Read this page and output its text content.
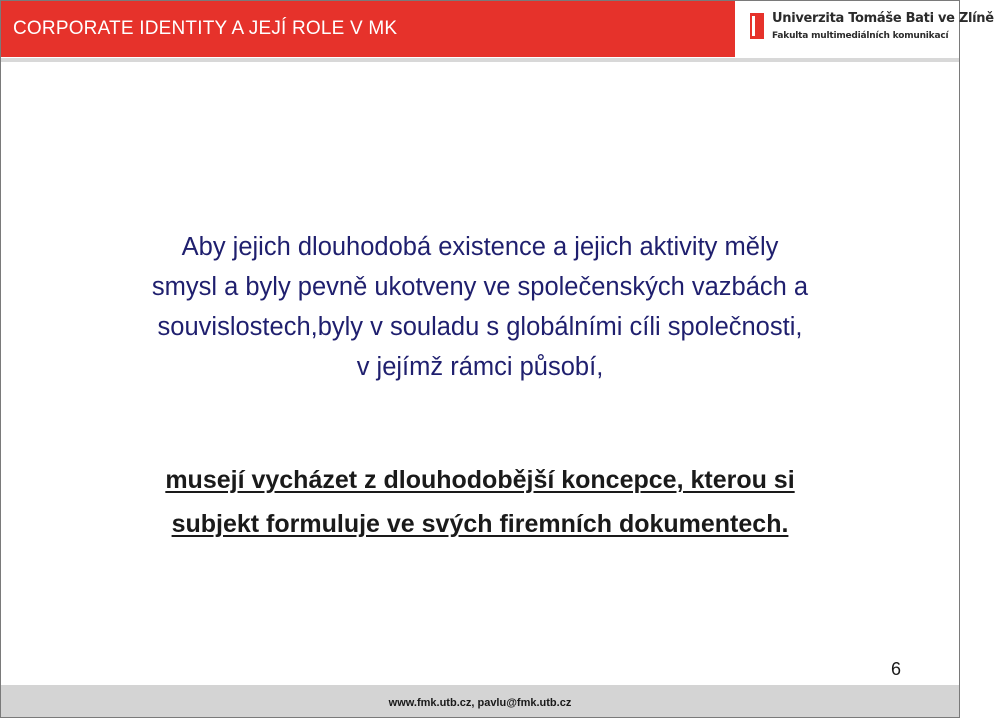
CORPORATE IDENTITY A JEJÍ ROLE V MK	Univerzita Tomáše Bati ve Zlíně
Fakulta multimediálních komunikací

Aby jejich dlouhodobá existence a jejich aktivity měly

smysl a byly pevně ukotveny ve společenských vazbách a

souvislostech,byly v souladu s globálními cíli společnosti,

v jejímž rámci působí,

musejí vycházet z dlouhodobější koncepce, kterou si

subjekt formuluje ve svých firemních dokumentech.

6
www.fmk.utb.cz, pavlu@fmk.utb.cz
